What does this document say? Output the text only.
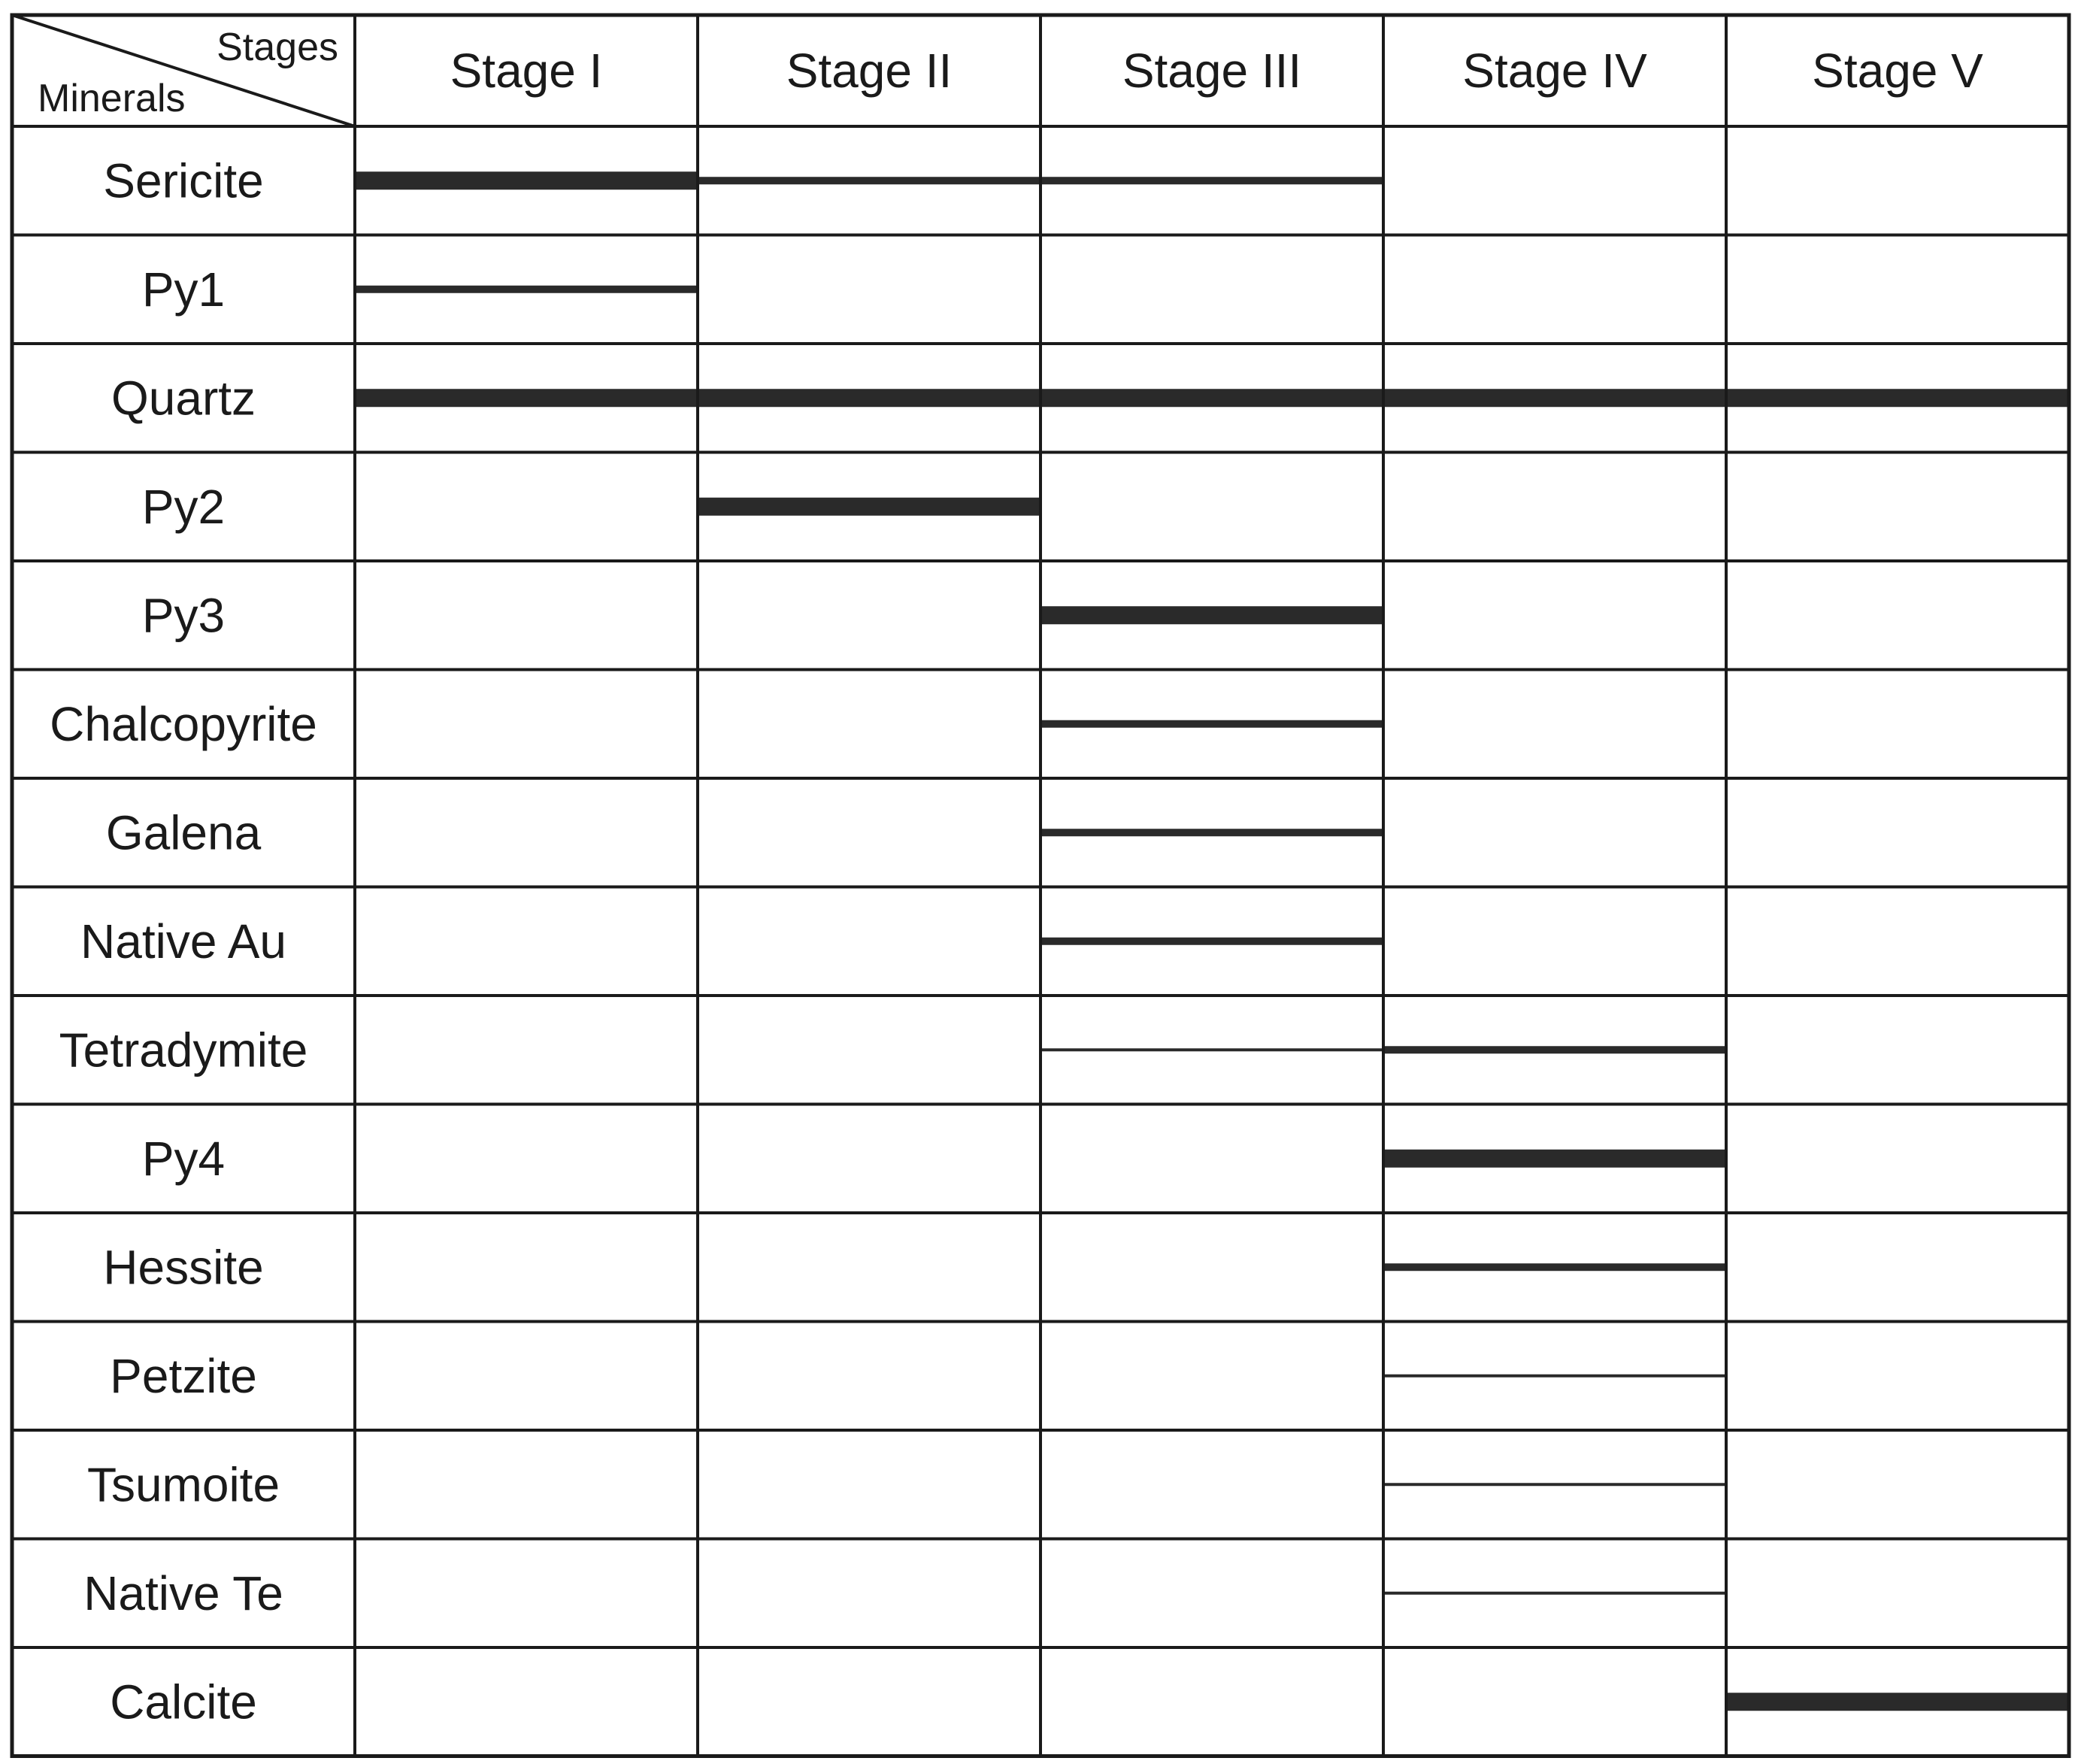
Stages
Minerals
Stage I	Stage II	Stage III	Stage IV	Stage V
Sericite
Py1
Quartz
Py2
Py3
Chalcopyrite
Galena
Native Au
Tetradymite
Py4
Hessite
Petzite
Tsumoite
Native Te
Calcite
